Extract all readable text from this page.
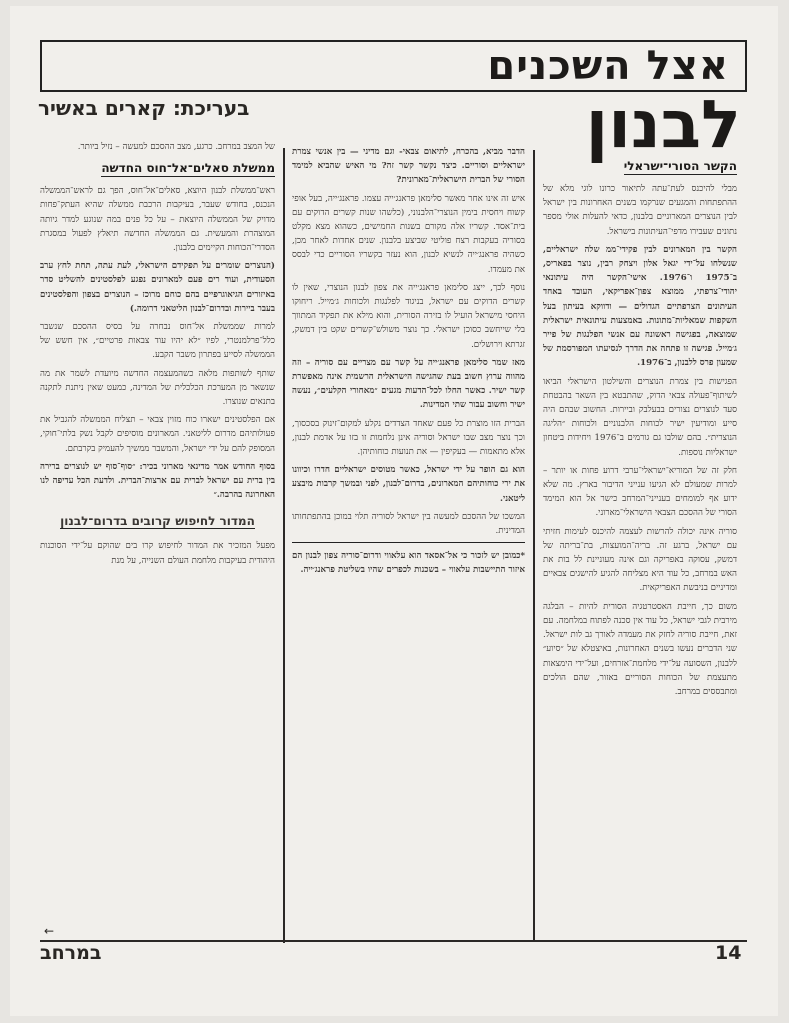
אצל השכנים
לבנון
בעריכת: קארים באשיר
הקשר הסורי־ישראלי

מבלי להיכנס לעת־עתה לתיאור כרונו לוגי מלא של ההתפתחות והמגעים שנרקמו בשנים האחרונות בין ישראל לבין הנוצרים המארוניים בלבנון, כדאי להעלות אולי מספר נתונים שעבירו מדפי־העיתונות בישראל.

הקשר בין המארונים לבין פקידי־ממ שלה ישראליים, שנשלחו על־ידי יגאל אלון ויצחק רבין, נוצר בפאריס, ב־1975 ו־1976. אישי־הקשר היה עיתונאי יהודי־צרפתי, ממוצא צפון־אפריקאי, העובד באחד העיתונים הצרפתיים הגדולים — ודווקא בעיתון בעל השקפות שמאליות־מתונות. באמצעות עיתונאית ישראלית שמוצאה, בפגישה ראשונה עם אנשי הפלנגות של פייר ג׳מייל. פגישה זו פתחה את הדרך לנסיעתו המפורסמת של שמעון פרס ללבנון, ב־1976.

הפגישות בין צמרת הנוצרים והשילטון הישראלי הביאו לשיתוף־פעולה צבאי הדוק, שהתבטא בין השאר בהבטחת סעד לנוצרים נצורים בבעלבק וביירות. החשוב שבהם היה סייע ומודיעין ישיר לכוחות הלבנוניים ולכוחות ״הליגה הנוצרית״. בהם שולבו גם גורמים ב־1976 ויחידות ביטחון ישראליות נוספות.

חלק זה של המוריא־ישראלי־ערבי דרוע פחות או יותר – למרות שמעולם לא הגיעו ענייני הדיבור בארץ. מה שלא ידוע אף למומחים בענייני־המרחב כישר אל הוא המימד הסורי של ההסכם הצבאי הישראלי־מארוני.

סוריה אינה יכולה להרשות לעצמה להיכנס לעימות חזיתי עם ישראל, ברגע זה. בריה־המועצות, בת־בריתה של דמשק, עסוקה באפריקה וגם אינה מעוניינת לל בות את האש במרחב, כל עוד היא מצליחה להגיע להישגים צבאיים ומדיניים בניבשת האפריקאית.

משום כך, חייבת האסטרטגיה הסורית להיות – הבלגה מירבית לגבי ישראל, כל עוד אין סכנה לפתוח במלחמה. עם זאת, חייבת סוריה לחזק את מעמדה לאורך גב לות ישראל. שני הדברים נעשו בשנים האחרונות, באיצטלא של ״סיוע״ ללבנון, השסועה על־ידי מלחמת־אזרחים, ועל־ידי הימצאות מתעצמת של הכוחות הסוריים באזור, שהם הולכים ומתבססים במרחב.

הדבר מביא, בהכרח, לתיאום צבאי- וגם מדיני — בין אנשי צמרת ישראליים וסוריים. כיצד נקשר קשר זה? מי האיש שהביא למימד הסורי של הברית הישראלית־מארונית?

איש זה אינו אחר מאשר סלימאן פראנג׳ייה עצמו. פראנג׳ייה, בעל אופי קשוח ויחסית בימין הנוצרי־הלבנוני, (כלשהו שנות קשרים הדוקים עם בית־אסד. קשריו אלה מקורם בשנות החמישים, כשהוא מצא מקלט בסוריה בעקבות רצח פוליטי שביצע בלבנון. שנים אחדות לאחר מכן, כשהיה פראנג׳ייה לנשיא לבנון, הוא נעזר בקשריו הסוריים כדי לבסס את מעמדו.

נוסף לכך, ייצג סלימאן פראנג׳ייה את צפון לבנון הנוצרי, שאין לו קשרים הדוקים עם ישראל, בניגוד לפלנגות ולכוחות ג׳מייל. ריחוקו היחסי מישראל הועיל לו בזירה הסורית, והוא מילא את תפקיד המתווך בלי שייחשב כסוכן ישראלי. כך נוצר משולש־קשרים שקט בין דמשק, זגרתא וירושלים.

מאז שמר סלימאן פראנג׳ייה על קשר עם מצריים עם סוריה – וזה מהווה ערוץ חשוב בעת שהגישה הישראלית הרשמית אינה מאפשרת קשר ישיר. כאשר החלו לכל־הדעות מגעים ״מאחורי הקלעים״, נעשה ישיר וחשוב עבור שתי המדינות.

הברית הזו מוצרת כל פעם שאחד הצדדים נקלע למקום־זינוק בסכסוך, וכך נוצר מצב שבו ישראל וסוריה אינן נלחמות זו בזו על אדמת לבנון, אלא מתאמות — בעקיפין — את תנועות כוחותיהן.

הוא גם הופר על ידי ישראל, כאשר מטוסים ישראליים חדרו וכיוונו את ירי כוחותיהם המארונים, בדרום־לבנון, לפני ובמשך קרבות מיבצע ליטאני.

המשכו של ההסכם למעשה בין ישראל לסוריה תלוי במוכן בהתפתחותו המדינית.

*כמובן יש לזכור כי אל־אסאד הוא עלאווי ודרום־סוריה צפון לבנון הם איזור התיישבות עלאווי – בשכנות לכפרים שהיו בשליטת פראנג׳ייה.

של המצב במרחב. כרגע, מצב ההסכם למעשה – נזיל ביותר.

ממשלת סאלים־אל־חוס החדשה

ראש־ממשלת לבנון היוצא, סאלים־אל־חוס, הפך גם לראש־הממשלה הנכנס, בחודש שעבר, בעיקבות הרכבת ממשלה שהיא העתק־פחות מדויק של הממשלה היוצאת – על כל פנים במה שנוגע למדר גיותה המוצהרת והמעשית. גם הממשלה החדשה תיאלץ לפעול במסגרת הסדרי־הכוחות הקיימים בלבנון.

(הנוצרים שומרים על תפקידם הישראלי, לעת עתה, תחת לחץ ערב הסעודית, ועוד רים פעם למארונים נפגע לפלסטינים להשליט סדר באיזורים הגיאוגרפיים בהם כוחם מרוכז – הנוצרים בצפון והפלסטינים בעבר ביירות ובדרום־לבנון הליטאני דרומה.)

למרות שממשלת אל־חוס נבחרה על בסיס ההסכם שנשבר כלל־פרלמנטרי, לפיו ״לא יהיו עוד צבאות פרטיים״, אין חשש של הממשלה לסייע בפתרון משבר הקבע.

שותף לשותפות מלאה כשהמעצמה החדשה מיועדת לשמר את מה שנשאר מן המערכת הכלכלית של המדינה, כמעט שאין ניתנת לתקנה בתנאים שנוצרו.

אם הפלסטינים ישארו כוח מזוין צבאי – תצליח הממשלה להגביל את פעולותיהם מדרום לליטאני. המארונים מוסיפים לקבל נשק בלתי־חוקי, המסופק להם על ידי ישראל, והמשבר ממשיך להעמיק בקרבתם.

בסוף החודש אמר מדינאי מארוני בכיר: ״סוף־סוף יש לנוצרים ברירה בין ברית עם ישראל לברית עם ארצות־הברית. ולדעת הכל עדיפה לנו האחרונה בהרבה.״

המדור לחיפוש קרובים בדרום־לבנון

מפעל המזכיר את המדור לחיפוש קרו בים שהוקם על־ידי הסוכנות היהודית בעיקבות מלחמת העולם השנייה, על מנת

←
14
במרחב
